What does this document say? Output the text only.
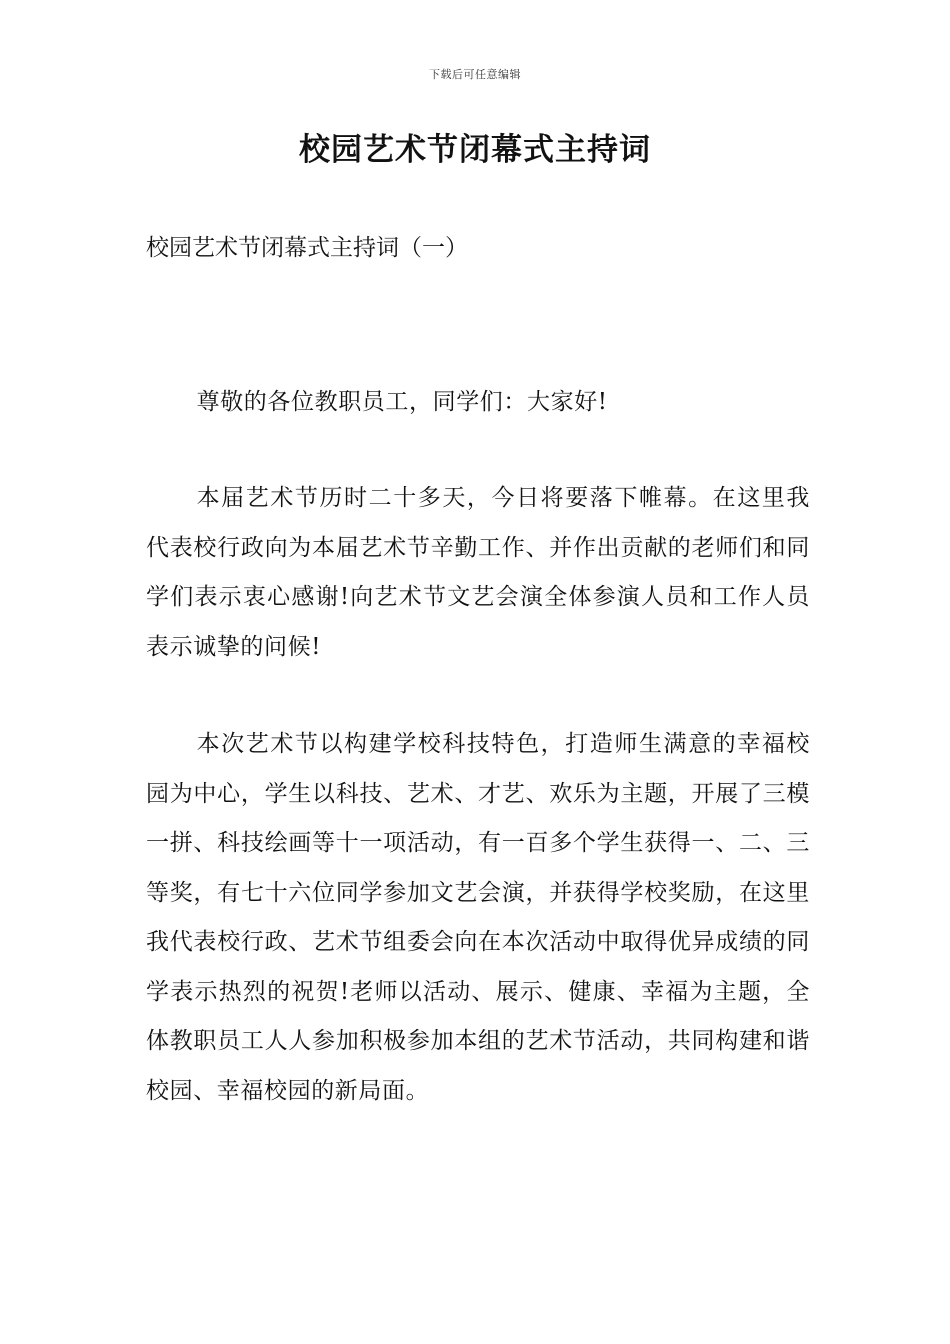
下载后可任意编辑
校园艺术节闭幕式主持词

校园艺术节闭幕式主持词（一）

尊敬的各位教职员工，同学们：大家好!

本届艺术节历时二十多天，今日将要落下帷幕。在这里我代表校行政向为本届艺术节辛勤工作、并作出贡献的老师们和同学们表示衷心感谢!向艺术节文艺会演全体参演人员和工作人员表示诚挚的问候!

本次艺术节以构建学校科技特色，打造师生满意的幸福校园为中心，学生以科技、艺术、才艺、欢乐为主题，开展了三模一拼、科技绘画等十一项活动，有一百多个学生获得一、二、三等奖，有七十六位同学参加文艺会演，并获得学校奖励，在这里我代表校行政、艺术节组委会向在本次活动中取得优异成绩的同学表示热烈的祝贺!老师以活动、展示、健康、幸福为主题，全体教职员工人人参加积极参加本组的艺术节活动，共同构建和谐校园、幸福校园的新局面。
